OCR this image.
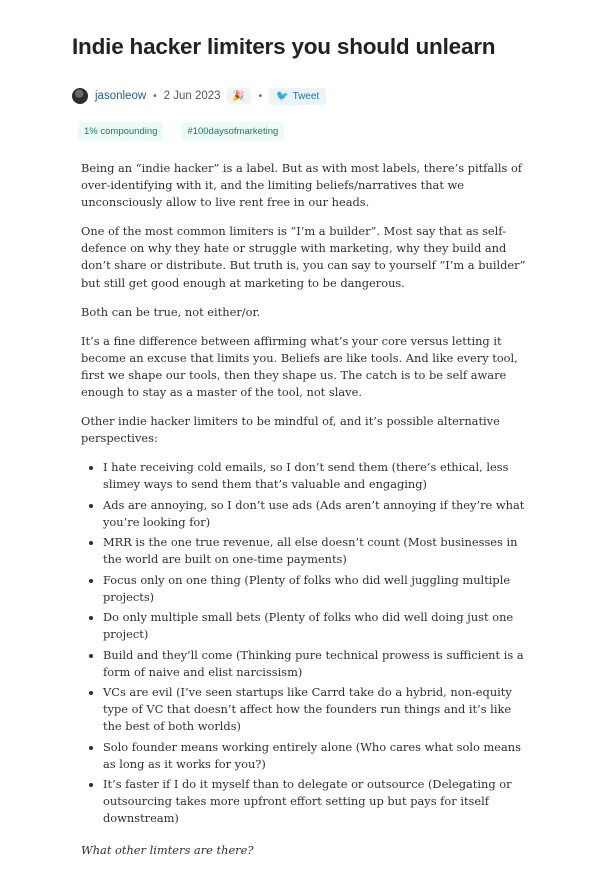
Indie hacker limiters you should unlearn
jasonleow • 2 Jun 2023 🎉 • 🐦 Tweet
1% compounding	#100daysofmarketing

Being an “indie hacker” is a label. But as with most labels, there’s pitfalls of over-identifying with it, and the limiting beliefs/narratives that we unconsciously allow to live rent free in our heads.

One of the most common limiters is “I’m a builder”. Most say that as self-defence on why they hate or struggle with marketing, why they build and don’t share or distribute. But truth is, you can say to yourself “I’m a builder” but still get good enough at marketing to be dangerous.

Both can be true, not either/or.

It’s a fine difference between affirming what’s your core versus letting it become an excuse that limits you. Beliefs are like tools. And like every tool, first we shape our tools, then they shape us. The catch is to be self aware enough to stay as a master of the tool, not slave.

Other indie hacker limiters to be mindful of, and it’s possible alternative perspectives:

• I hate receiving cold emails, so I don’t send them (there’s ethical, less slimey ways to send them that’s valuable and engaging)
• Ads are annoying, so I don’t use ads (Ads aren’t annoying if they’re what you’re looking for)
• MRR is the one true revenue, all else doesn’t count (Most businesses in the world are built on one-time payments)
• Focus only on one thing (Plenty of folks who did well juggling multiple projects)
• Do only multiple small bets (Plenty of folks who did well doing just one project)
• Build and they’ll come (Thinking pure technical prowess is sufficient is a form of naive and elist narcissism)
• VCs are evil (I’ve seen startups like Carrd take do a hybrid, non-equity type of VC that doesn’t affect how the founders run things and it’s like the best of both worlds)
• Solo founder means working entirely alone (Who cares what solo means as long as it works for you?)
• It’s faster if I do it myself than to delegate or outsource (Delegating or outsourcing takes more upfront effort setting up but pays for itself downstream)
What other limters are there?
